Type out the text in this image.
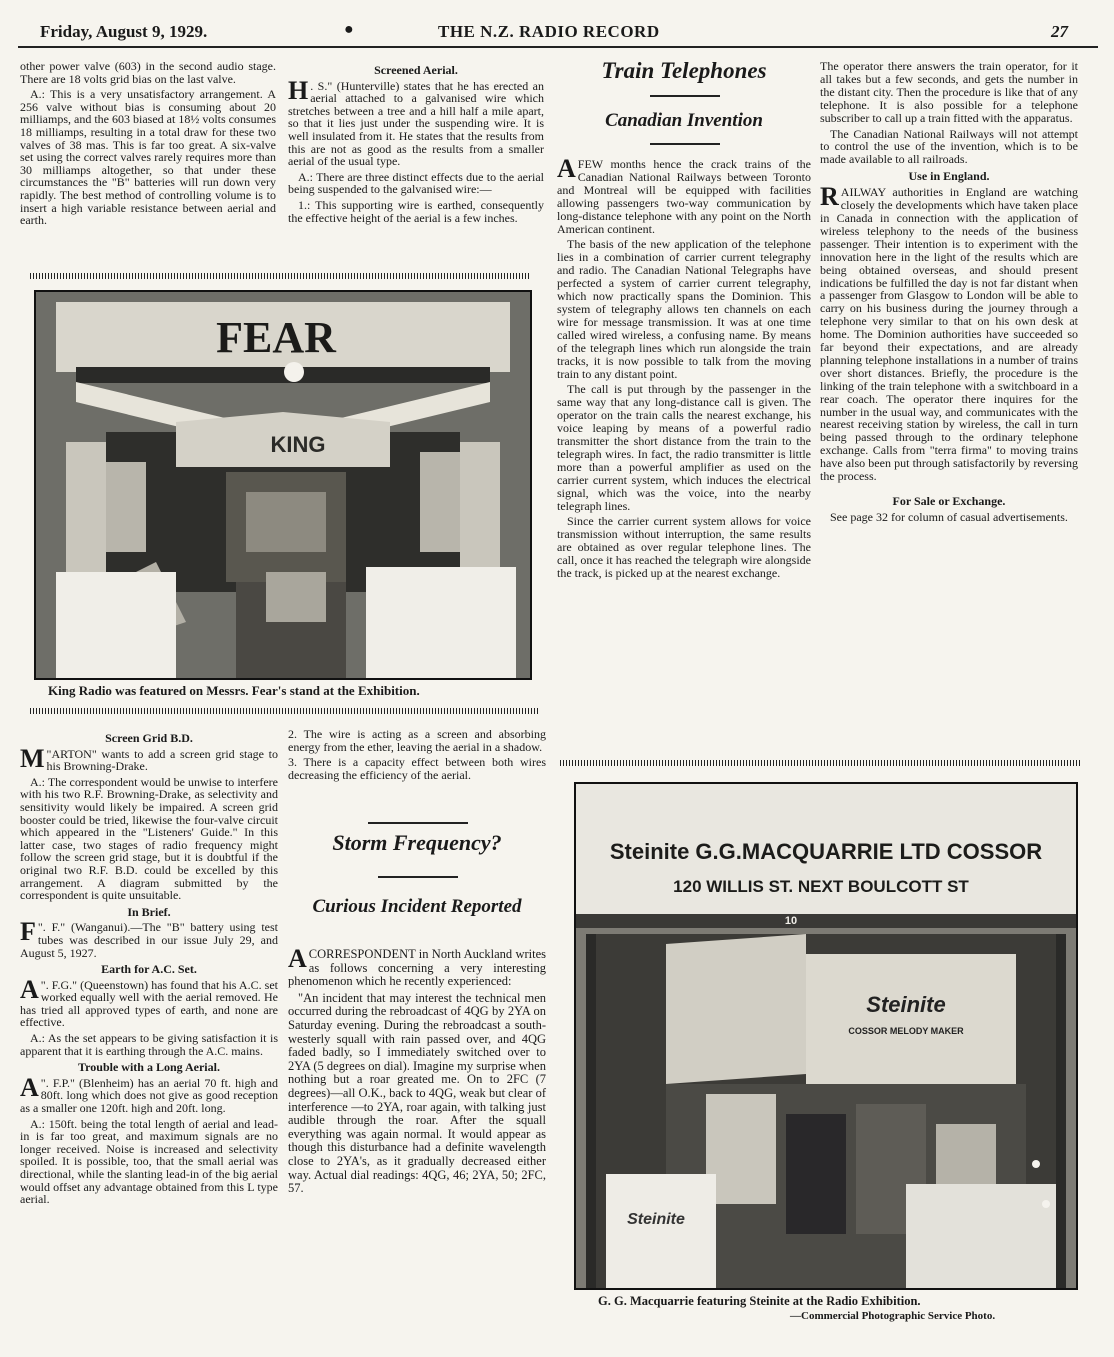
Friday, August 9, 1929.	●	THE N.Z. RADIO RECORD	27

other power valve (603) in the second audio stage. There are 18 volts grid bias on the last valve.

A.: This is a very unsatisfactory arrangement. A 256 valve without bias is consuming about 20 milliamps, and the 603 biased at 18½ volts consumes 18 milliamps, resulting in a total draw for these two valves of 38 mas. This is far too great. A six-valve set using the correct valves rarely requires more than 30 milliamps altogether, so that under these circumstances the "B" batteries will run down very rapidly. The best method of controlling volume is to insert a high variable resistance between aerial and earth.

Screened Aerial.

H . S." (Hunterville) states that he has erected an aerial attached to a galvanised wire which stretches between a tree and a hill half a mile apart, so that it lies just under the suspending wire. It is well insulated from it. He states that the results from this are not as good as the results from a smaller aerial of the usual type.

A.: There are three distinct effects due to the aerial being suspended to the galvanised wire:—

1.: This supporting wire is earthed, consequently the effective height of the aerial is a few inches.

FEAR
KING
King Radio was featured on Messrs. Fear's stand at the Exhibition.
Screen Grid B.D.

M "ARTON" wants to add a screen grid stage to his Browning-Drake.

A.: The correspondent would be unwise to interfere with his two R.F. Browning-Drake, as selectivity and sensitivity would likely be impaired. A screen grid booster could be tried, likewise the four-valve circuit which appeared in the "Listeners' Guide." In this latter case, two stages of radio frequency might follow the screen grid stage, but it is doubtful if the original two R.F. B.D. could be excelled by this arrangement. A diagram submitted by the correspondent is quite unsuitable.

In Brief.

F ". F." (Wanganui).—The "B" battery using test tubes was described in our issue July 29, and August 5, 1927.

Earth for A.C. Set.

A ". F.G." (Queenstown) has found that his A.C. set worked equally well with the aerial removed. He has tried all approved types of earth, and none are effective.

A.: As the set appears to be giving satisfaction it is apparent that it is earthing through the A.C. mains.

Trouble with a Long Aerial.

A ". F.P." (Blenheim) has an aerial 70 ft. high and 80ft. long which does not give as good reception as a smaller one 120ft. high and 20ft. long.

A.: 150ft. being the total length of aerial and lead-in is far too great, and maximum signals are no longer received. Noise is increased and selectivity spoiled. It is possible, too, that the small aerial was directional, while the slanting lead-in of the big aerial would offset any advantage obtained from this L type aerial.

2. The wire is acting as a screen and absorbing energy from the ether, leaving the aerial in a shadow.

3. There is a capacity effect between both wires decreasing the efficiency of the aerial.

Storm Frequency?
Curious Incident Reported

ACORRESPONDENT in North Auckland writes as follows concerning a very interesting phenomenon which he recently experienced:

"An incident that may interest the technical men occurred during the rebroadcast of 4QG by 2YA on Saturday evening. During the rebroadcast a south-westerly squall with rain passed over, and 4QG faded badly, so I immediately switched over to 2YA (5 degrees on dial). Imagine my surprise when nothing but a roar greated me. On to 2FC (7 degrees)—all O.K., back to 4QG, weak but clear of interference —to 2YA, roar again, with talking just audible through the roar. After the squall everything was again normal. It would appear as though this disturbance had a definite wavelength close to 2YA's, as it gradually decreased either way. Actual dial readings: 4QG, 46; 2YA, 50; 2FC, 57.

Train Telephones
Canadian Invention

AFEW months hence the crack trains of the Canadian National Railways between Toronto and Montreal will be equipped with facilities allowing passengers two-way communication by long-distance telephone with any point on the North American continent.

The basis of the new application of the telephone lies in a combination of carrier current telegraphy and radio. The Canadian National Telegraphs have perfected a system of carrier current telegraphy, which now practically spans the Dominion. This system of telegraphy allows ten channels on each wire for message transmission. It was at one time called wired wireless, a confusing name. By means of the telegraph lines which run alongside the train tracks, it is now possible to talk from the moving train to any distant point.

The call is put through by the passenger in the same way that any long-distance call is given. The operator on the train calls the nearest exchange, his voice leaping by means of a powerful radio transmitter the short distance from the train to the telegraph wires. In fact, the radio transmitter is little more than a powerful amplifier as used on the carrier current system, which induces the electrical signal, which was the voice, into the nearby telegraph lines.

Since the carrier current system allows for voice transmission without interruption, the same results are obtained as over regular telephone lines. The call, once it has reached the telegraph wire alongside the track, is picked up at the nearest exchange.

The operator there answers the train operator, for it all takes but a few seconds, and gets the number in the distant city. Then the procedure is like that of any telephone. It is also possible for a telephone subscriber to call up a train fitted with the apparatus.

The Canadian National Railways will not attempt to control the use of the invention, which is to be made available to all railroads.

Use in England.

RAILWAY authorities in England are watching closely the developments which have taken place in Canada in connection with the application of wireless telephony to the needs of the business passenger. Their intention is to experiment with the innovation here in the light of the results which are being obtained overseas, and should present indications be fulfilled the day is not far distant when a passenger from Glasgow to London will be able to carry on his business during the journey through a telephone very similar to that on his own desk at home. The Dominion authorities have succeeded so far beyond their expectations, and are already planning telephone installations in a number of trains over short distances. Briefly, the procedure is the linking of the train telephone with a switchboard in a rear coach. The operator there inquires for the number in the usual way, and communicates with the nearest receiving station by wireless, the call in turn being passed through to the ordinary telephone exchange. Calls from "terra firma" to moving trains have also been put through satisfactorily by reversing the process.

For Sale or Exchange.

See page 32 for column of casual advertisements.

Steinite G.G.MACQUARRIE LTD COSSOR
120 WILLIS ST. NEXT BOULCOTT ST
10
Steinite
COSSOR MELODY MAKER
Steinite
G. G. Macquarrie featuring Steinite at the Radio Exhibition.
—Commercial Photographic Service Photo.
